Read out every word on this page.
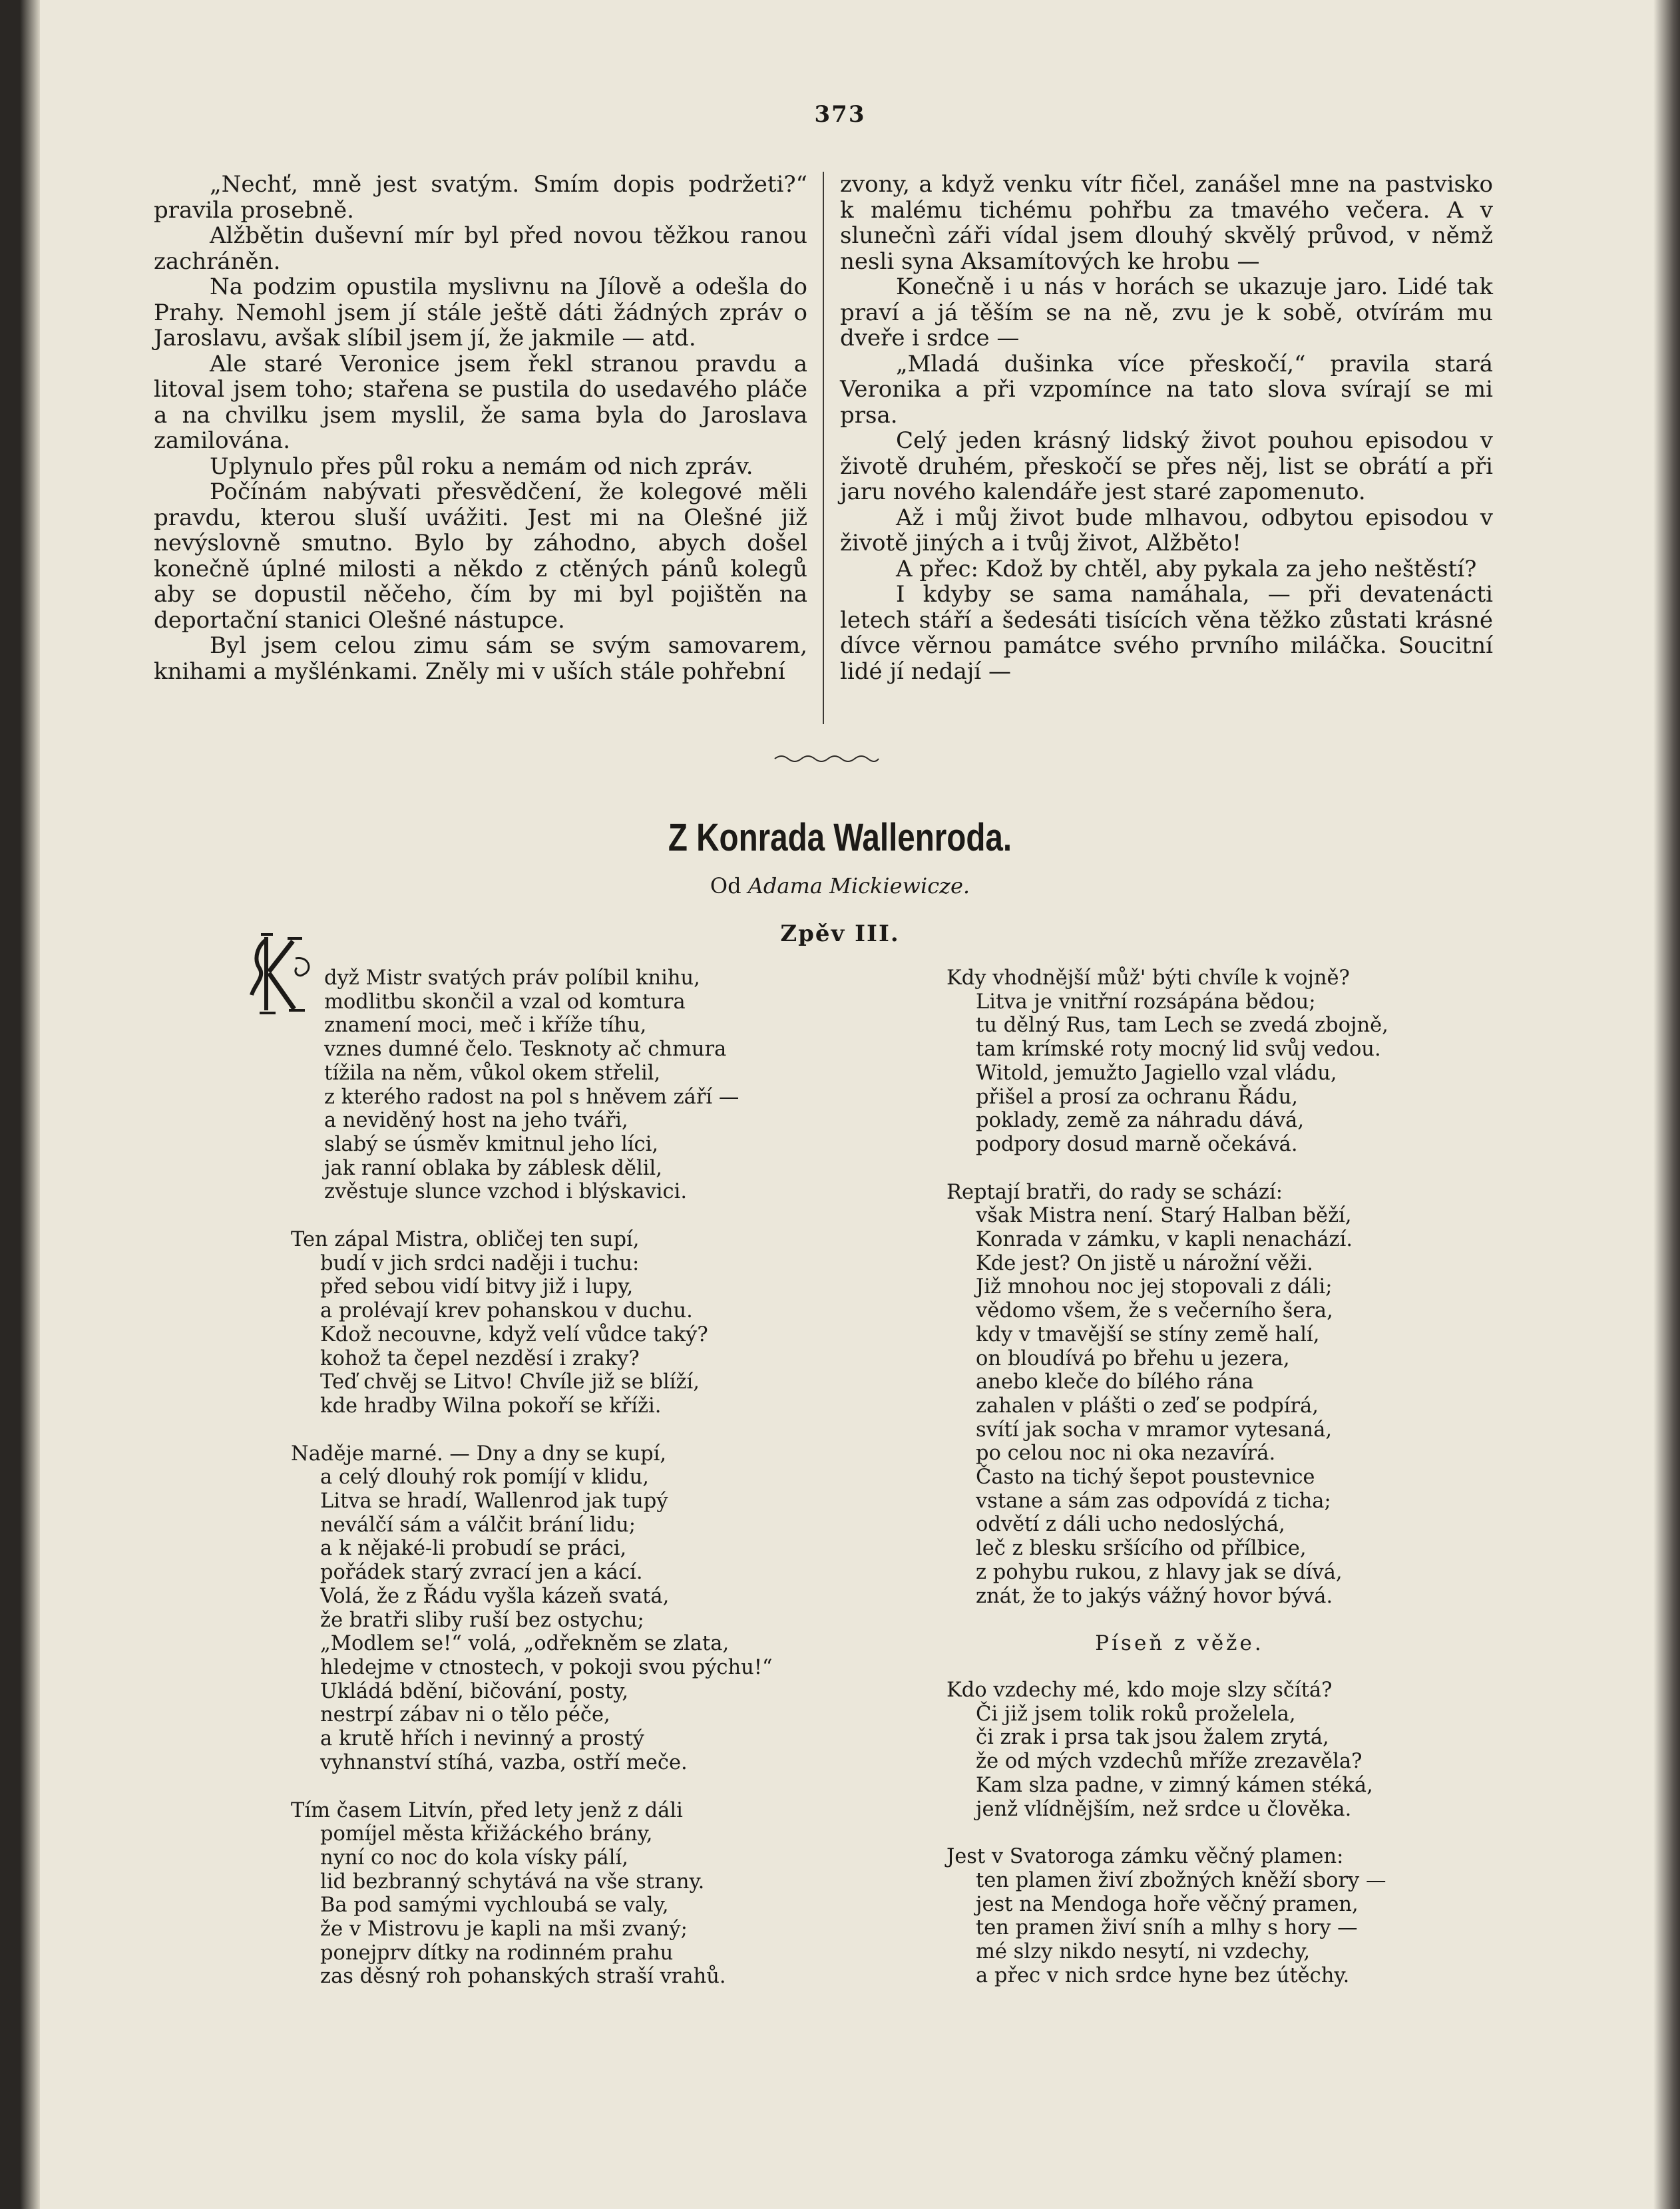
373

„Nechť, mně jest svatým. Smím dopis podržeti?“ pravila prosebně.

Alžbětin duševní mír byl před novou těžkou ranou zachráněn.

Na podzim opustila myslivnu na Jílově a odešla do Prahy. Nemohl jsem jí stále ještě dáti žádných zpráv o Jaroslavu, avšak slíbil jsem jí, že jakmile — atd.

Ale staré Veronice jsem řekl stranou pravdu a litoval jsem toho; stařena se pustila do usedavého pláče a na chvilku jsem myslil, že sama byla do Jaroslava zamilována.

Uplynulo přes půl roku a nemám od nich zpráv.

Počínám nabývati přesvědčení, že kolegové měli pravdu, kterou sluší uvážiti. Jest mi na Olešné již nevýslovně smutno. Bylo by záhodno, abych došel konečně úplné milosti a někdo z ctěných pánů kolegů aby se dopustil něčeho, čím by mi byl pojištěn na deportační stanici Olešné nástupce.

Byl jsem celou zimu sám se svým samovarem, knihami a myšlénkami. Zněly mi v uších stále pohřební

zvony, a když venku vítr fičel, zanášel mne na pastvisko k malému tichému pohřbu za tmavého večera. A v slunečnì záři vídal jsem dlouhý skvělý průvod, v němž nesli syna Aksamítových ke hrobu —

Konečně i u nás v horách se ukazuje jaro. Lidé tak praví a já těším se na ně, zvu je k sobě, otvírám mu dveře i srdce —

„Mladá dušinka více přeskočí,“ pravila stará Veronika a při vzpomínce na tato slova svírají se mi prsa.

Celý jeden krásný lidský život pouhou episodou v životě druhém, přeskočí se přes něj, list se obrátí a při jaru nového kalendáře jest staré zapomenuto.

Až i můj život bude mlhavou, odbytou episodou v životě jiných a i tvůj život, Alžběto!

A přec: Kdož by chtěl, aby pykala za jeho neštěstí?

I kdyby se sama namáhala, — při devatenácti letech stáří a šedesáti tisících věna těžko zůstati krásné dívce věrnou památce svého prvního miláčka. Soucitní lidé jí nedají —

Z Konrada Wallenroda.
Od Adama Mickiewicze.
Zpěv III.
dyž Mistr svatých práv políbil knihu,
modlitbu skončil a vzal od komtura
znamení moci, meč i kříže tíhu,
vznes dumné čelo. Tesknoty ač chmura
tížila na něm, vůkol okem střelil,
z kterého radost na pol s hněvem září —
a neviděný host na jeho tváři,
slabý se úsměv kmitnul jeho líci,
jak ranní oblaka by záblesk dělil,
zvěstuje slunce vzchod i blýskavici.
Ten zápal Mistra, obličej ten supí,
budí v jich srdci naději i tuchu:
před sebou vidí bitvy již i lupy,
a prolévají krev pohanskou v duchu.
Kdož necouvne, když velí vůdce taký?
kohož ta čepel nezděsí i zraky?
Teď chvěj se Litvo! Chvíle již se blíží,
kde hradby Wilna pokoří se kříži.
Naděje marné. — Dny a dny se kupí,
a celý dlouhý rok pomíjí v klidu,
Litva se hradí, Wallenrod jak tupý
neválčí sám a válčit brání lidu;
a k nějaké-li probudí se práci,
pořádek starý zvrací jen a kácí.
Volá, že z Řádu vyšla kázeň svatá,
že bratři sliby ruší bez ostychu;
„Modlem se!“ volá, „odřekněm se zlata,
hledejme v ctnostech, v pokoji svou pýchu!“
Ukládá bdění, bičování, posty,
nestrpí zábav ni o tělo péče,
a krutě hřích i nevinný a prostý
vyhnanství stíhá, vazba, ostří meče.
Tím časem Litvín, před lety jenž z dáli
pomíjel města křižáckého brány,
nyní co noc do kola vísky pálí,
lid bezbranný schytává na vše strany.
Ba pod samými vychloubá se valy,
že v Mistrovu je kapli na mši zvaný;
ponejprv dítky na rodinném prahu
zas děsný roh pohanských straší vrahů.
Kdy vhodnější můž' býti chvíle k vojně?
Litva je vnitřní rozsápána bědou;
tu dělný Rus, tam Lech se zvedá zbojně,
tam krímské roty mocný lid svůj vedou.
Witold, jemužto Jagiello vzal vládu,
přišel a prosí za ochranu Řádu,
poklady, země za náhradu dává,
podpory dosud marně očekává.
Reptají bratři, do rady se schází:
však Mistra není. Starý Halban běží,
Konrada v zámku, v kapli nenachází.
Kde jest? On jistě u nárožní věži.
Již mnohou noc jej stopovali z dáli;
vědomo všem, že s večerního šera,
kdy v tmavější se stíny země halí,
on bloudívá po břehu u jezera,
anebo kleče do bílého rána
zahalen v plášti o zeď se podpírá,
svítí jak socha v mramor vytesaná,
po celou noc ni oka nezavírá.
Často na tichý šepot poustevnice
vstane a sám zas odpovídá z ticha;
odvětí z dáli ucho nedoslýchá,
leč z blesku sršícího od přílbice,
z pohybu rukou, z hlavy jak se dívá,
znát, že to jakýs vážný hovor bývá.
Píseň z věže.
Kdo vzdechy mé, kdo moje slzy sčítá?
Či již jsem tolik roků proželela,
či zrak i prsa tak jsou žalem zrytá,
že od mých vzdechů mříže zrezavěla?
Kam slza padne, v zimný kámen stéká,
jenž vlídnějším, než srdce u člověka.
Jest v Svatoroga zámku věčný plamen:
ten plamen živí zbožných kněží sbory —
jest na Mendoga hoře věčný pramen,
ten pramen živí sníh a mlhy s hory —
mé slzy nikdo nesytí, ni vzdechy,
a přec v nich srdce hyne bez útěchy.
